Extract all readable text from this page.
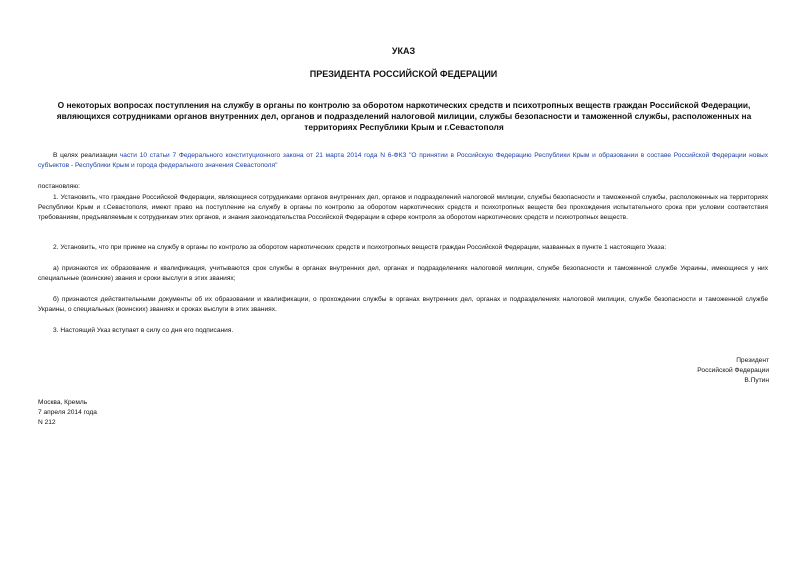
УКАЗ

ПРЕЗИДЕНТА РОССИЙСКОЙ ФЕДЕРАЦИИ

О некоторых вопросах поступления на службу в органы по контролю за оборотом наркотических средств и психотропных веществ граждан Российской Федерации, являющихся сотрудниками органов внутренних дел, органов и подразделений налоговой милиции, службы безопасности и таможенной службы, расположенных на территориях Республики Крым и г.Севастополя

В целях реализации части 10 статьи 7 Федерального конституционного закона от 21 марта 2014 года N 6-ФКЗ "О принятии в Российскую Федерацию Республики Крым и образовании в составе Российской Федерации новых субъектов - Республики Крым и города федерального значения Севастополя"

постановляю:

1. Установить, что граждане Российской Федерации, являющиеся сотрудниками органов внутренних дел, органов и подразделений налоговой милиции, службы безопасности и таможенной службы, расположенных на территориях Республики Крым и г.Севастополя, имеют право на поступление на службу в органы по контролю за оборотом наркотических средств и психотропных веществ без прохождения испытательного срока при условии соответствия требованиям, предъявляемым к сотрудникам этих органов, и знания законодательства Российской Федерации в сфере контроля за оборотом наркотических средств и психотропных веществ.

2. Установить, что при приеме на службу в органы по контролю за оборотом наркотических средств и психотропных веществ граждан Российской Федерации, названных в пункте 1 настоящего Указа:

а) признаются их образование и квалификация, учитываются срок службы в органах внутренних дел, органах и подразделениях налоговой милиции, службе безопасности и таможенной службе Украины, имеющиеся у них специальные (воинские) звания и сроки выслуги в этих званиях;

б) признаются действительными документы об их образовании и квалификации, о прохождении службы в органах внутренних дел, органах и подразделениях налоговой милиции, службе безопасности и таможенной службе Украины, о специальных (воинских) званиях и сроках выслуги в этих званиях.

3. Настоящий Указ вступает в силу со дня его подписания.

Президент
Российской Федерации
В.Путин
Москва, Кремль
7 апреля 2014 года
N 212
